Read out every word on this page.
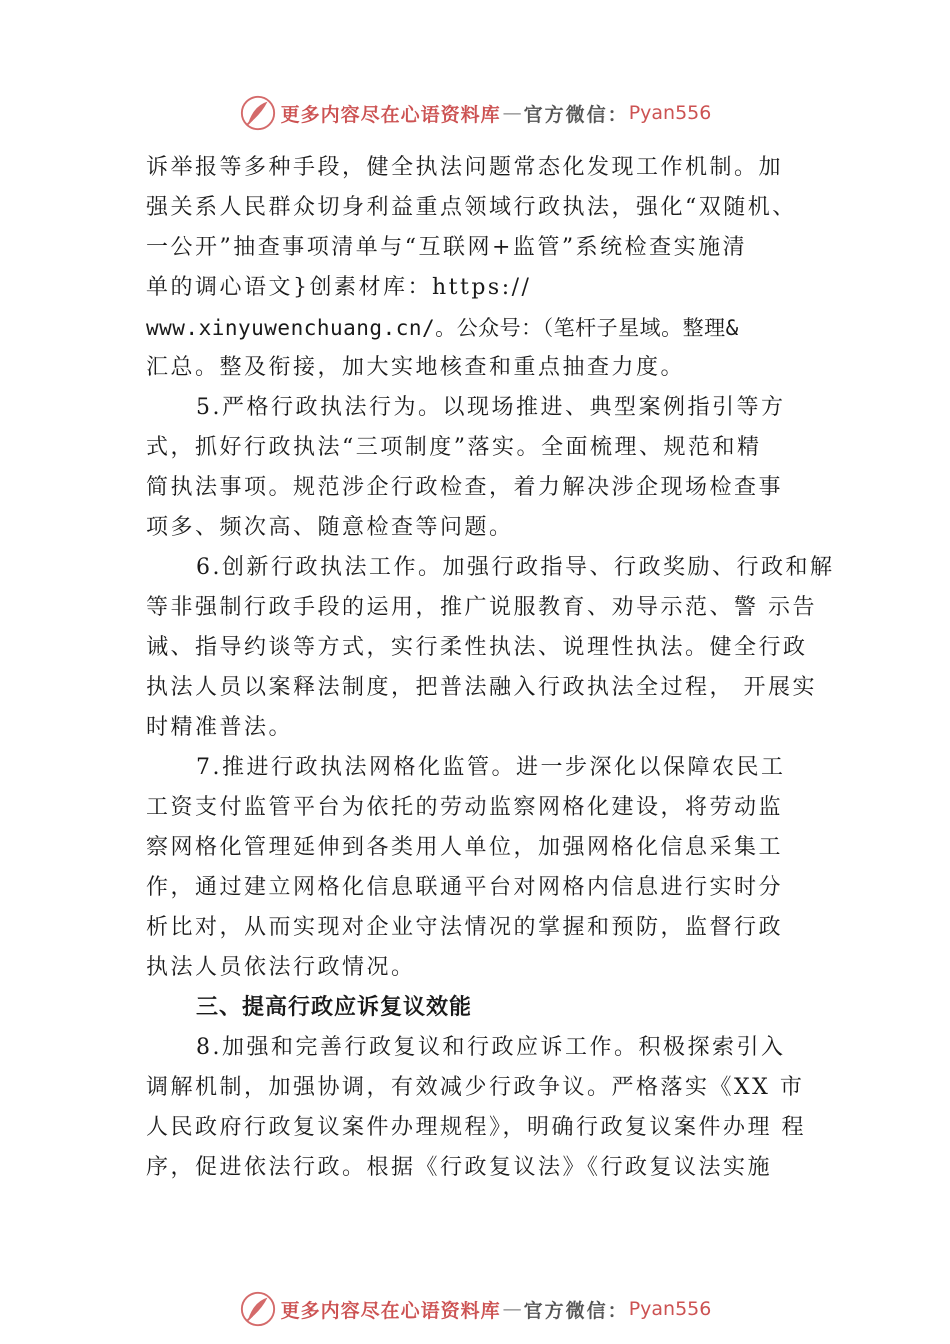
更多内容尽在心语资料库 — 官方微信： Pyan556
诉举报等多种手段，健全执法问题常态化发现工作机制。加
强关系人民群众切身利益重点领域行政执法，强化“双随机、
一公开”抽查事项清单与“互联网+监管”系统检查实施清
单的调心语文}创素材库：https://
www.xinyuwenchuang.cn/。公众号：（笔杆子星域。整理&
汇总。整及衔接，加大实地核查和重点抽查力度。
5.严格行政执法行为。以现场推进、典型案例指引等方
式，抓好行政执法“三项制度”落实。全面梳理、规范和精
简执法事项。规范涉企行政检查，着力解决涉企现场检查事
项多、频次高、随意检查等问题。
6.创新行政执法工作。加强行政指导、行政奖励、行政和解
等非强制行政手段的运用，推广说服教育、劝导示范、警 示告
诫、指导约谈等方式，实行柔性执法、说理性执法。健全行政
执法人员以案释法制度，把普法融入行政执法全过程， 开展实
时精准普法。
7.推进行政执法网格化监管。进一步深化以保障农民工
工资支付监管平台为依托的劳动监察网格化建设，将劳动监
察网格化管理延伸到各类用人单位，加强网格化信息采集工
作，通过建立网格化信息联通平台对网格内信息进行实时分
析比对，从而实现对企业守法情况的掌握和预防，监督行政
执法人员依法行政情况。
三、提高行政应诉复议效能
8.加强和完善行政复议和行政应诉工作。积极探索引入
调解机制，加强协调，有效减少行政争议。严格落实《XX 市
人民政府行政复议案件办理规程》，明确行政复议案件办理 程
序，促进依法行政。根据《行政复议法》《行政复议法实施
更多内容尽在心语资料库 — 官方微信： Pyan556
